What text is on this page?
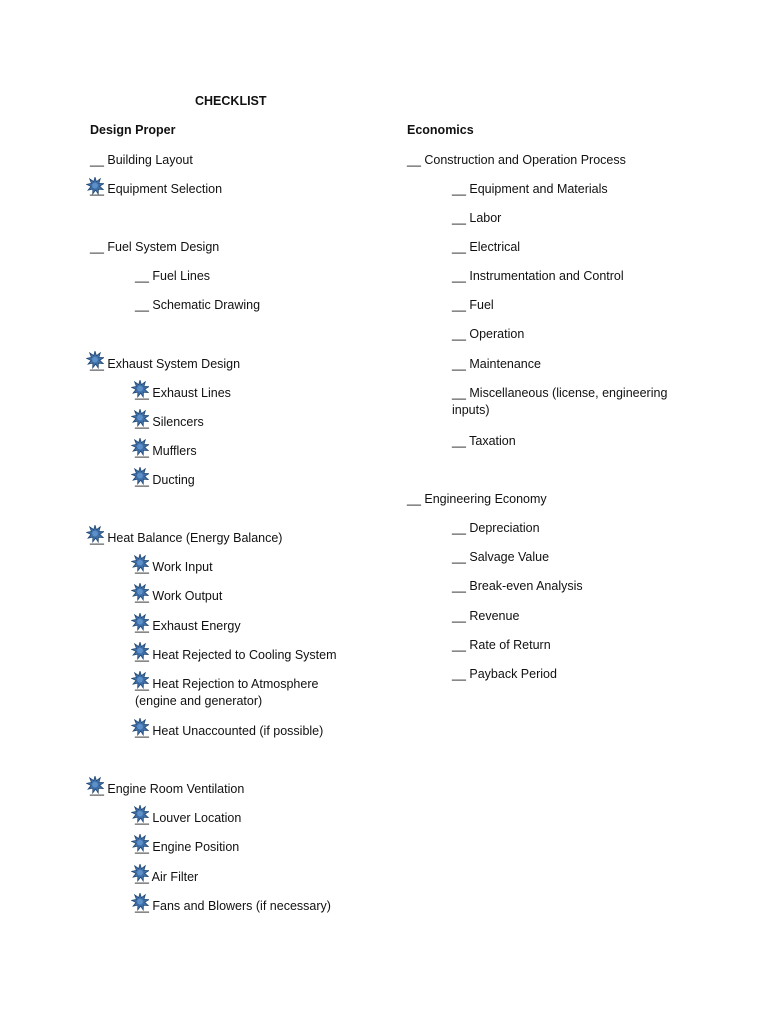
CHECKLIST
Design Proper	Economics
__ Building Layout
__ Equipment Selection
__ Fuel System Design
__ Fuel Lines
__ Schematic Drawing
__ Exhaust System Design
__ Exhaust Lines
__ Silencers
__ Mufflers
__ Ducting
__ Heat Balance (Energy Balance)
__ Work Input
__ Work Output
__ Exhaust Energy
__ Heat Rejected to Cooling System
__ Heat Rejection to Atmosphere (engine and generator)
__ Heat Unaccounted (if possible)
__ Engine Room Ventilation
__ Louver Location
__ Engine Position
__ Air Filter
__ Fans and Blowers (if necessary)
__ Construction and Operation Process
__ Equipment and Materials
__ Labor
__ Electrical
__ Instrumentation and Control
__ Fuel
__ Operation
__ Maintenance
__ Miscellaneous (license, engineering inputs)
__ Taxation
__ Engineering Economy
__ Depreciation
__ Salvage Value
__ Break-even Analysis
__ Revenue
__ Rate of Return
__ Payback Period
